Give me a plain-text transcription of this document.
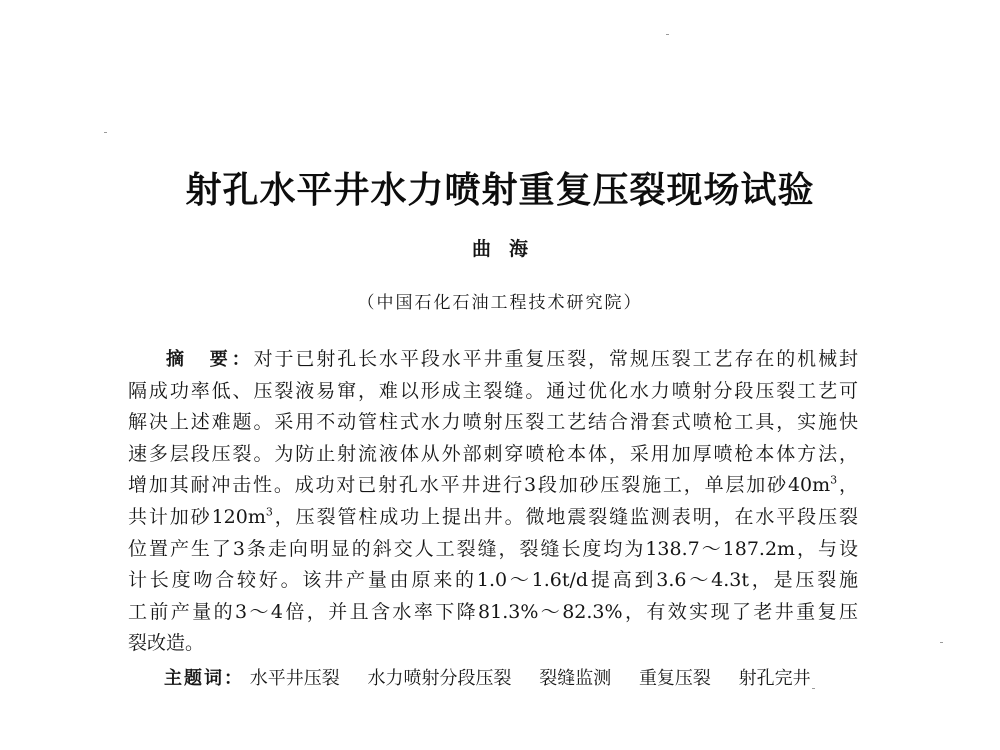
射孔水平井水力喷射重复压裂现场试验
曲海
（中国石化石油工程技术研究院）
摘　要：对于已射孔长水平段水平井重复压裂，常规压裂工艺存在的机械封
隔成功率低、压裂液易窜，难以形成主裂缝。通过优化水力喷射分段压裂工艺可
解决上述难题。采用不动管柱式水力喷射压裂工艺结合滑套式喷枪工具，实施快
速多层段压裂。为防止射流液体从外部刺穿喷枪本体，采用加厚喷枪本体方法，
增加其耐冲击性。成功对已射孔水平井进行3段加砂压裂施工，单层加砂$40m^3$，
共计加砂$120m^3$，压裂管柱成功上提出井。微地震裂缝监测表明，在水平段压裂
位置产生了3条走向明显的斜交人工裂缝，裂缝长度均为138.7～187.2m，与设
计长度吻合较好。该井产量由原来的1.0～1.6t/d提高到3.6～4.3t，是压裂施
工前产量的3～4倍，并且含水率下降81.3%～82.3%，有效实现了老井重复压
裂改造。
主题词： 水平井压裂 水力喷射分段压裂 裂缝监测 重复压裂 射孔完井
